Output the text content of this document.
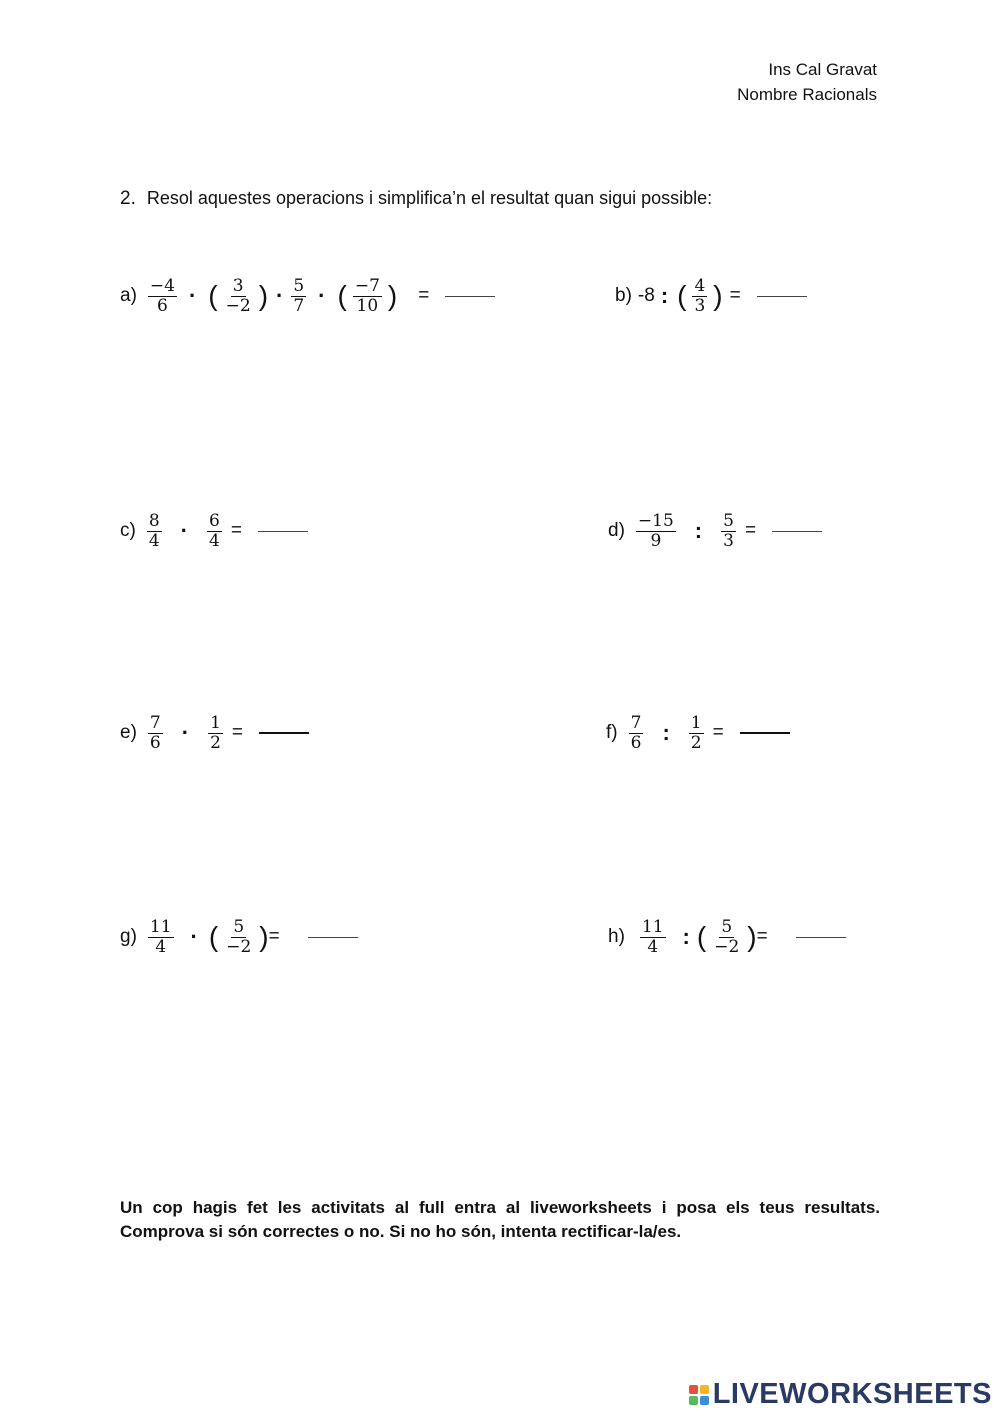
Ins Cal Gravat
Nombre Racionals
2. Resol aquestes operacions i simplifica’n el resultat quan sigui possible:
$a) \frac{-4}{6}$ · ( $\frac{3}{-2}$ ) · $\frac{5}{7}$ · ( $\frac{-7}{10}$ ) =	b) -8 : ( $\frac{4}{3}$ ) =
$c) \frac{8}{4} \cdot \frac{6}{4}$ =	$d) \frac{-15}{9}$ : $\frac{5}{3}$ =
$e) \frac{7}{6} \cdot \frac{1}{2}$ =	$f) \frac{7}{6}$ : $\frac{1}{2}$ =
$g) \frac{11}{4}$ · ( $\frac{5}{-2}$ ) =	$h) \frac{11}{4}$ : ( $\frac{5}{-2}$ ) =
Un cop hagis fet les activitats al full entra al liveworksheets i posa els teus resultats. Comprova si són correctes o no. Si no ho són, intenta rectificar-la/es.
LIVEWORKSHEETS
